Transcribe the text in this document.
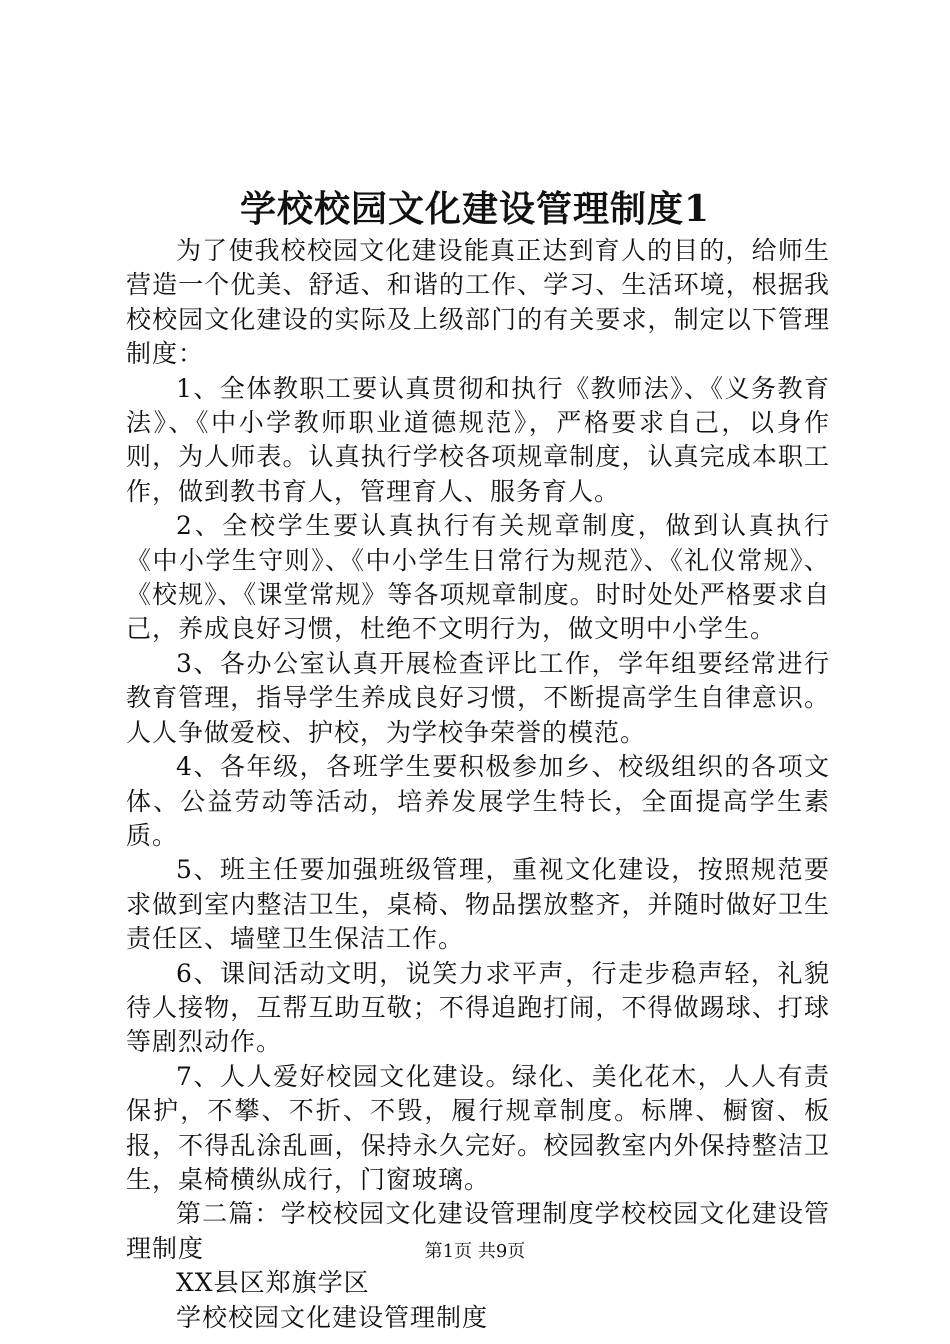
学校校园文化建设管理制度1

为了使我校校园文化建设能真正达到育人的目的，给师生营造一个优美、舒适、和谐的工作、学习、生活环境，根据我校校园文化建设的实际及上级部门的有关要求，制定以下管理制度：

1、全体教职工要认真贯彻和执行《教师法》、《义务教育法》、《中小学教师职业道德规范》，严格要求自己，以身作则，为人师表。认真执行学校各项规章制度，认真完成本职工作，做到教书育人，管理育人、服务育人。

2、全校学生要认真执行有关规章制度，做到认真执行《中小学生守则》、《中小学生日常行为规范》、《礼仪常规》、《校规》、《课堂常规》等各项规章制度。时时处处严格要求自己，养成良好习惯，杜绝不文明行为，做文明中小学生。

3、各办公室认真开展检查评比工作，学年组要经常进行教育管理，指导学生养成良好习惯，不断提高学生自律意识。人人争做爱校、护校，为学校争荣誉的模范。

4、各年级，各班学生要积极参加乡、校级组织的各项文体、公益劳动等活动，培养发展学生特长，全面提高学生素质。

5、班主任要加强班级管理，重视文化建设，按照规范要求做到室内整洁卫生，桌椅、物品摆放整齐，并随时做好卫生责任区、墙壁卫生保洁工作。

6、课间活动文明，说笑力求平声，行走步稳声轻，礼貌待人接物，互帮互助互敬；不得追跑打闹，不得做踢球、打球等剧烈动作。

7、人人爱好校园文化建设。绿化、美化花木，人人有责保护，不攀、不折、不毁，履行规章制度。标牌、橱窗、板报，不得乱涂乱画，保持永久完好。校园教室内外保持整洁卫生，桌椅横纵成行，门窗玻璃。

第二篇：学校校园文化建设管理制度学校校园文化建设管理制度

XX县区郑旗学区

学校校园文化建设管理制度

第1页 共9页
